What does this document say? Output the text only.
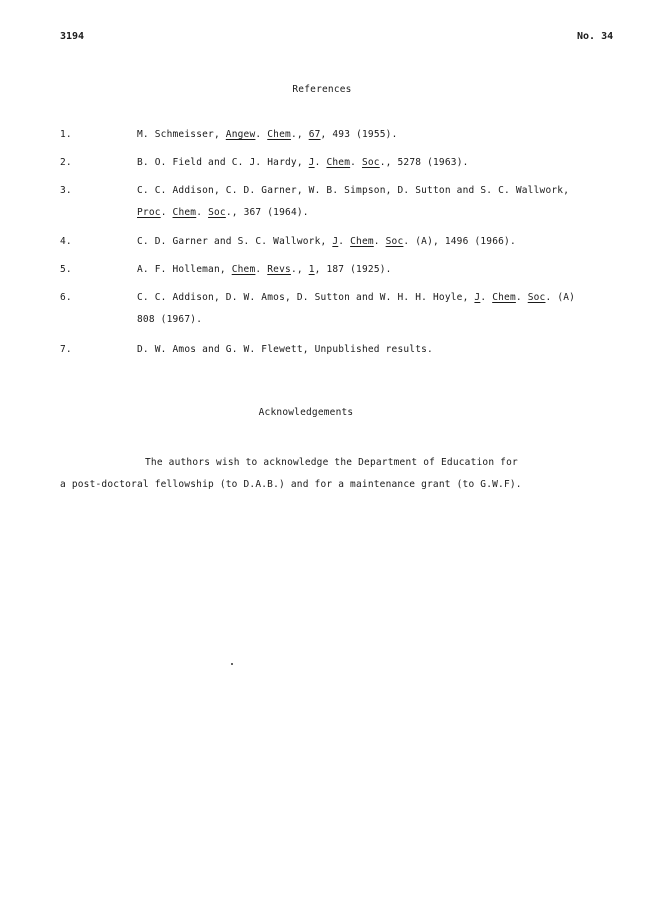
3194	No. 34
References
1.	M. Schmeisser, Angew. Chem., 67, 493 (1955).
2.	B. O. Field and C. J. Hardy, J. Chem. Soc., 5278 (1963).
3.	C. C. Addison, C. D. Garner, W. B. Simpson, D. Sutton and S. C. Wallwork,
Proc. Chem. Soc., 367 (1964).
4.	C. D. Garner and S. C. Wallwork, J. Chem. Soc. (A), 1496 (1966).
5.	A. F. Holleman, Chem. Revs., 1, 187 (1925).
6.	C. C. Addison, D. W. Amos, D. Sutton and W. H. H. Hoyle, J. Chem. Soc. (A)
808 (1967).
7.	D. W. Amos and G. W. Flewett, Unpublished results.
Acknowledgements
The authors wish to acknowledge the Department of Education for
a post-doctoral fellowship (to D.A.B.) and for a maintenance grant (to G.W.F).
